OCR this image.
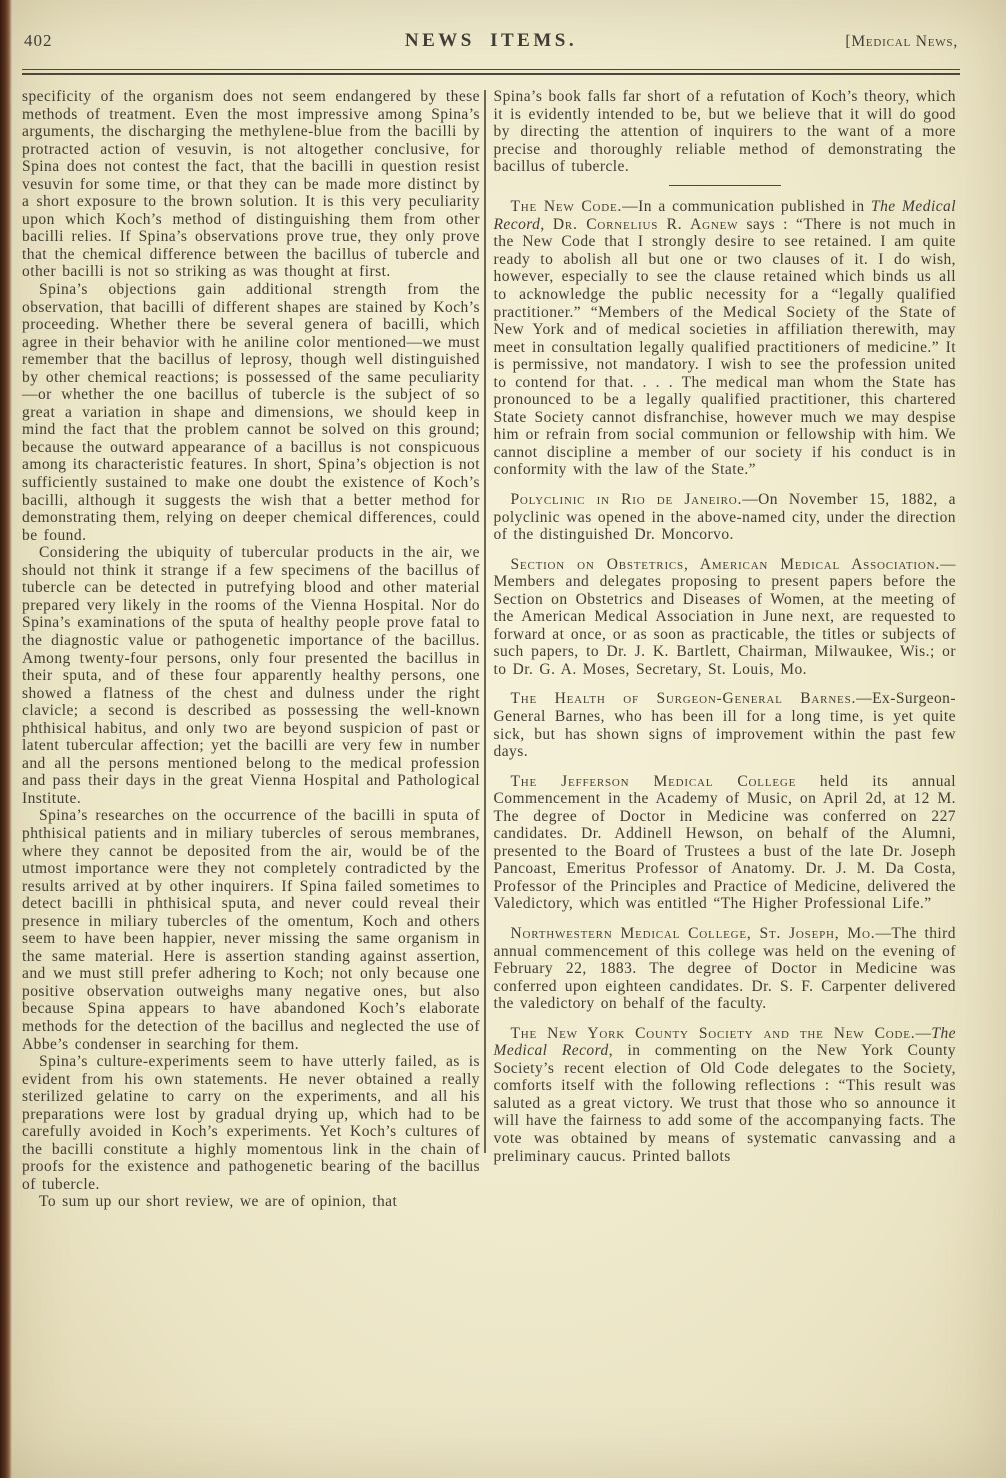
402	NEWS ITEMS.	[Medical News,

specificity of the organism does not seem endangered by these methods of treatment. Even the most impressive among Spina’s arguments, the discharging the methylene-blue from the bacilli by protracted action of vesuvin, is not altogether conclusive, for Spina does not contest the fact, that the bacilli in question resist vesuvin for some time, or that they can be made more distinct by a short exposure to the brown solution. It is this very peculiarity upon which Koch’s method of distinguishing them from other bacilli relies. If Spina’s observations prove true, they only prove that the chemical difference between the bacillus of tubercle and other bacilli is not so striking as was thought at first.

Spina’s objections gain additional strength from the observation, that bacilli of different shapes are stained by Koch’s proceeding. Whether there be several genera of bacilli, which agree in their behavior with he aniline color mentioned—we must remember that the bacillus of leprosy, though well distinguished by other chemical reactions; is possessed of the same peculiarity—or whether the one bacillus of tubercle is the subject of so great a variation in shape and dimensions, we should keep in mind the fact that the problem cannot be solved on this ground; because the outward appearance of a bacillus is not conspicuous among its characteristic features. In short, Spina’s objection is not sufficiently sustained to make one doubt the existence of Koch’s bacilli, although it suggests the wish that a better method for demonstrating them, relying on deeper chemical differences, could be found.

Considering the ubiquity of tubercular products in the air, we should not think it strange if a few specimens of the bacillus of tubercle can be detected in putrefying blood and other material prepared very likely in the rooms of the Vienna Hospital. Nor do Spina’s examinations of the sputa of healthy people prove fatal to the diagnostic value or pathogenetic importance of the bacillus. Among twenty-four persons, only four presented the bacillus in their sputa, and of these four apparently healthy persons, one showed a flatness of the chest and dulness under the right clavicle; a second is described as possessing the well-known phthisical habitus, and only two are beyond suspicion of past or latent tubercular affection; yet the bacilli are very few in number and all the persons mentioned belong to the medical profession and pass their days in the great Vienna Hospital and Pathological Institute.

Spina’s researches on the occurrence of the bacilli in sputa of phthisical patients and in miliary tubercles of serous membranes, where they cannot be deposited from the air, would be of the utmost importance were they not completely contradicted by the results arrived at by other inquirers. If Spina failed sometimes to detect bacilli in phthisical sputa, and never could reveal their presence in miliary tubercles of the omentum, Koch and others seem to have been happier, never missing the same organism in the same material. Here is assertion standing against assertion, and we must still prefer adhering to Koch; not only because one positive observation outweighs many negative ones, but also because Spina appears to have abandoned Koch’s elaborate methods for the detection of the bacillus and neglected the use of Abbe’s condenser in searching for them.

Spina’s culture-experiments seem to have utterly failed, as is evident from his own statements. He never obtained a really sterilized gelatine to carry on the experiments, and all his preparations were lost by gradual drying up, which had to be carefully avoided in Koch’s experiments. Yet Koch’s cultures of the bacilli constitute a highly momentous link in the chain of proofs for the existence and pathogenetic bearing of the bacillus of tubercle.

To sum up our short review, we are of opinion, that

Spina’s book falls far short of a refutation of Koch’s theory, which it is evidently intended to be, but we believe that it will do good by directing the attention of inquirers to the want of a more precise and thoroughly reliable method of demonstrating the bacillus of tubercle.

The New Code.—In a communication published in The Medical Record, Dr. Cornelius R. Agnew says : “There is not much in the New Code that I strongly desire to see retained. I am quite ready to abolish all but one or two clauses of it. I do wish, however, especially to see the clause retained which binds us all to acknowledge the public necessity for a “legally qualified practitioner.” “Members of the Medical Society of the State of New York and of medical societies in affiliation therewith, may meet in consultation legally qualified practitioners of medicine.” It is permissive, not mandatory. I wish to see the profession united to contend for that. . . . The medical man whom the State has pronounced to be a legally qualified practitioner, this chartered State Society cannot disfranchise, however much we may despise him or refrain from social communion or fellowship with him. We cannot discipline a member of our society if his conduct is in conformity with the law of the State.”

Polyclinic in Rio de Janeiro.—On November 15, 1882, a polyclinic was opened in the above-named city, under the direction of the distinguished Dr. Moncorvo.

Section on Obstetrics, American Medical Association.—Members and delegates proposing to present papers before the Section on Obstetrics and Diseases of Women, at the meeting of the American Medical Association in June next, are requested to forward at once, or as soon as practicable, the titles or subjects of such papers, to Dr. J. K. Bartlett, Chairman, Milwaukee, Wis.; or to Dr. G. A. Moses, Secretary, St. Louis, Mo.

The Health of Surgeon-General Barnes.—Ex-Surgeon-General Barnes, who has been ill for a long time, is yet quite sick, but has shown signs of improvement within the past few days.

The Jefferson Medical College held its annual Commencement in the Academy of Music, on April 2d, at 12 M. The degree of Doctor in Medicine was conferred on 227 candidates. Dr. Addinell Hewson, on behalf of the Alumni, presented to the Board of Trustees a bust of the late Dr. Joseph Pancoast, Emeritus Professor of Anatomy. Dr. J. M. Da Costa, Professor of the Principles and Practice of Medicine, delivered the Valedictory, which was entitled “The Higher Professional Life.”

Northwestern Medical College, St. Joseph, Mo.—The third annual commencement of this college was held on the evening of February 22, 1883. The degree of Doctor in Medicine was conferred upon eighteen candidates. Dr. S. F. Carpenter delivered the valedictory on behalf of the faculty.

The New York County Society and the New Code.—The Medical Record, in commenting on the New York County Society’s recent election of Old Code delegates to the Society, comforts itself with the following reflections : “This result was saluted as a great victory. We trust that those who so announce it will have the fairness to add some of the accompanying facts. The vote was obtained by means of systematic canvassing and a preliminary caucus. Printed ballots
